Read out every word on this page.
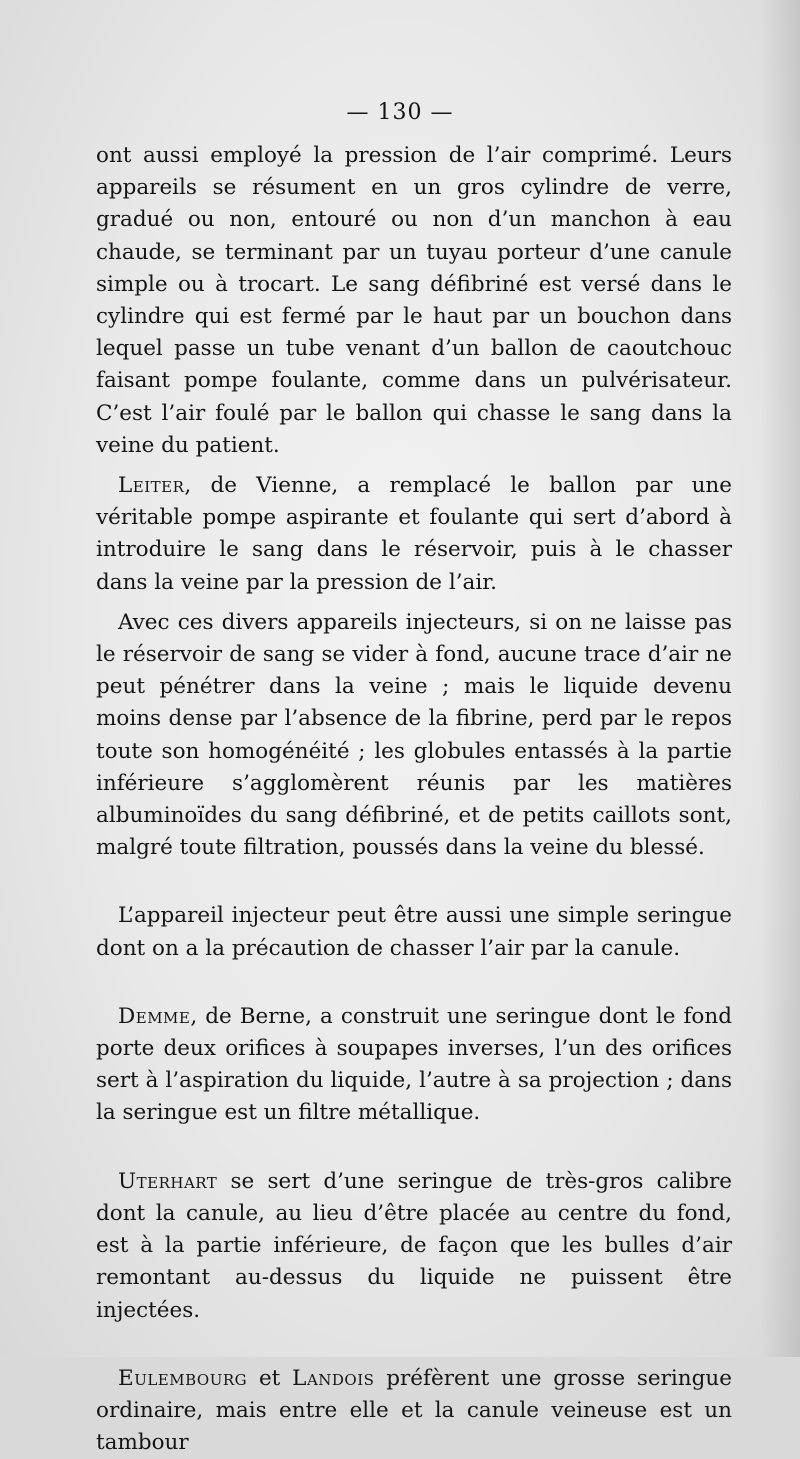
— 130 —

ont aussi employé la pression de l’air comprimé. Leurs appareils se résument en un gros cylindre de verre, gradué ou non, entouré ou non d’un manchon à eau chaude, se terminant par un tuyau porteur d’une canule simple ou à trocart. Le sang défibriné est versé dans le cylindre qui est fermé par le haut par un bouchon dans lequel passe un tube venant d’un ballon de caoutchouc faisant pompe foulante, comme dans un pulvérisateur. C’est l’air foulé par le ballon qui chasse le sang dans la veine du patient.

Leiter, de Vienne, a remplacé le ballon par une véritable pompe aspirante et foulante qui sert d’abord à introduire le sang dans le réservoir, puis à le chasser dans la veine par la pression de l’air.

Avec ces divers appareils injecteurs, si on ne laisse pas le réservoir de sang se vider à fond, aucune trace d’air ne peut pénétrer dans la veine ; mais le liquide devenu moins dense par l’absence de la fibrine, perd par le repos toute son homogénéité ; les globules entassés à la partie inférieure s’agglomèrent réunis par les matières albuminoïdes du sang défibriné, et de petits caillots sont, malgré toute filtration, poussés dans la veine du blessé.

L’appareil injecteur peut être aussi une simple seringue dont on a la précaution de chasser l’air par la canule.

Demme, de Berne, a construit une seringue dont le fond porte deux orifices à soupapes inverses, l’un des orifices sert à l’aspiration du liquide, l’autre à sa projection ; dans la seringue est un filtre métallique.

Uterhart se sert d’une seringue de très-gros calibre dont la canule, au lieu d’être placée au centre du fond, est à la partie inférieure, de façon que les bulles d’air remontant au-dessus du liquide ne puissent être injectées.

Eulembourg et Landois préfèrent une grosse seringue ordinaire, mais entre elle et la canule veineuse est un tambour
